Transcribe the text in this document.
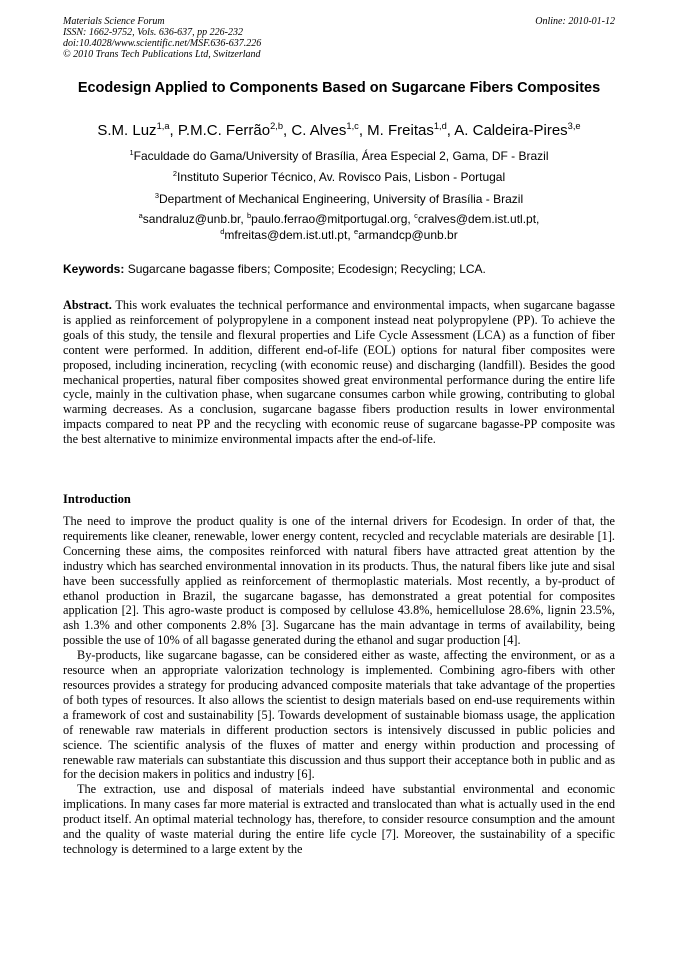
Materials Science Forum
ISSN: 1662-9752, Vols. 636-637, pp 226-232
doi:10.4028/www.scientific.net/MSF.636-637.226
© 2010 Trans Tech Publications Ltd, Switzerland
Online: 2010-01-12
Ecodesign Applied to Components Based on Sugarcane Fibers Composites
S.M. Luz$^{1,a}$, P.M.C. Ferrão$^{2,b}$, C. Alves$^{1,c}$, M. Freitas$^{1,d}$, A. Caldeira-Pires$^{3,e}$
$^1$Faculdade do Gama/University of Brasília, Área Especial 2, Gama, DF - Brazil
$^2$Instituto Superior Técnico, Av. Rovisco Pais, Lisbon - Portugal
$^3$Department of Mechanical Engineering, University of Brasília - Brazil
$^a$sandraluz@unb.br, $^b$paulo.ferrao@mitportugal.org, $^c$cralves@dem.ist.utl.pt,
$^d$mfreitas@dem.ist.utl.pt, $^e$armandcp@unb.br
Keywords: Sugarcane bagasse fibers; Composite; Ecodesign; Recycling; LCA.
Abstract. This work evaluates the technical performance and environmental impacts, when sugarcane bagasse is applied as reinforcement of polypropylene in a component instead neat polypropylene (PP). To achieve the goals of this study, the tensile and flexural properties and Life Cycle Assessment (LCA) as a function of fiber content were performed. In addition, different end-of-life (EOL) options for natural fiber composites were proposed, including incineration, recycling (with economic reuse) and discharging (landfill). Besides the good mechanical properties, natural fiber composites showed great environmental performance during the entire life cycle, mainly in the cultivation phase, when sugarcane consumes carbon while growing, contributing to global warming decreases. As a conclusion, sugarcane bagasse fibers production results in lower environmental impacts compared to neat PP and the recycling with economic reuse of sugarcane bagasse-PP composite was the best alternative to minimize environmental impacts after the end-of-life.
Introduction

The need to improve the product quality is one of the internal drivers for Ecodesign. In order of that, the requirements like cleaner, renewable, lower energy content, recycled and recyclable materials are desirable [1]. Concerning these aims, the composites reinforced with natural fibers have attracted great attention by the industry which has searched environmental innovation in its products. Thus, the natural fibers like jute and sisal have been successfully applied as reinforcement of thermoplastic materials. Most recently, a by-product of ethanol production in Brazil, the sugarcane bagasse, has demonstrated a great potential for composites application [2]. This agro-waste product is composed by cellulose 43.8%, hemicellulose 28.6%, lignin 23.5%, ash 1.3% and other components 2.8% [3]. Sugarcane has the main advantage in terms of availability, being possible the use of 10% of all bagasse generated during the ethanol and sugar production [4].

By-products, like sugarcane bagasse, can be considered either as waste, affecting the environment, or as a resource when an appropriate valorization technology is implemented. Combining agro-fibers with other resources provides a strategy for producing advanced composite materials that take advantage of the properties of both types of resources. It also allows the scientist to design materials based on end-use requirements within a framework of cost and sustainability [5]. Towards development of sustainable biomass usage, the application of renewable raw materials in different production sectors is intensively discussed in public policies and science. The scientific analysis of the fluxes of matter and energy within production and processing of renewable raw materials can substantiate this discussion and thus support their acceptance both in public and as for the decision makers in politics and industry [6].

The extraction, use and disposal of materials indeed have substantial environmental and economic implications. In many cases far more material is extracted and translocated than what is actually used in the end product itself. An optimal material technology has, therefore, to consider resource consumption and the amount and the quality of waste material during the entire life cycle [7]. Moreover, the sustainability of a specific technology is determined to a large extent by the
